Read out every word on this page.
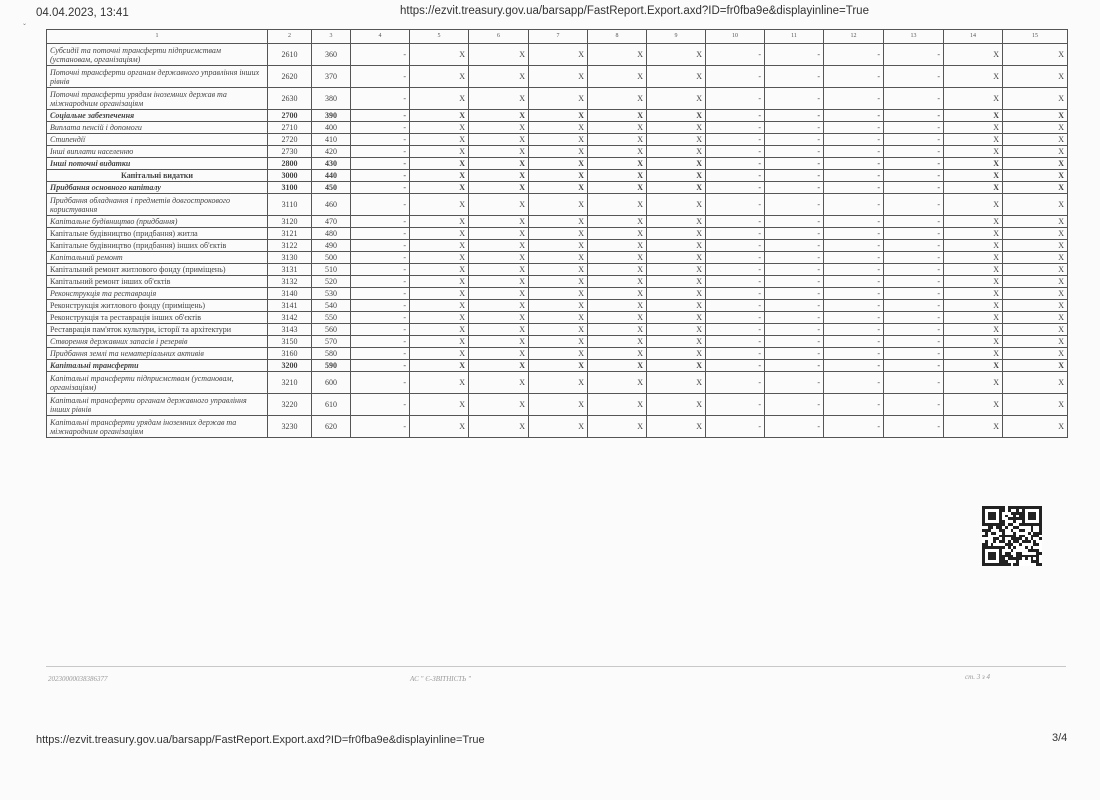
⌄
04.04.2023, 13:41	https://ezvit.treasury.gov.ua/barsapp/FastReport.Export.axd?ID=fr0fba9e&displayinline=True
1	2	3	4	5	6	7	8	9	10	11	12	13	14	15
Субсидії та поточні трансферти підприємствам (установам, організаціям)	2610	360	-	X	X	X	X	X	-	-	-	-	X	X
Поточні трансферти органам державного управління інших рівнів	2620	370	-	X	X	X	X	X	-	-	-	-	X	X
Поточні трансферти урядам іноземних держав та міжнародним організаціям	2630	380	-	X	X	X	X	X	-	-	-	-	X	X
Соціальне забезпечення	2700	390	-	X	X	X	X	X	-	-	-	-	X	X
Виплата пенсій і допомоги	2710	400	-	X	X	X	X	X	-	-	-	-	X	X
Стипендії	2720	410	-	X	X	X	X	X	-	-	-	-	X	X
Інші виплати населенню	2730	420	-	X	X	X	X	X	-	-	-	-	X	X
Інші поточні видатки	2800	430	-	X	X	X	X	X	-	-	-	-	X	X
Капітальні видатки	3000	440	-	X	X	X	X	X	-	-	-	-	X	X
Придбання основного капіталу	3100	450	-	X	X	X	X	X	-	-	-	-	X	X
Придбання обладнання і предметів довгострокового користування	3110	460	-	X	X	X	X	X	-	-	-	-	X	X
Капітальне будівництво (придбання)	3120	470	-	X	X	X	X	X	-	-	-	-	X	X
Капітальне будівництво (придбання) житла	3121	480	-	X	X	X	X	X	-	-	-	-	X	X
Капітальне будівництво (придбання) інших об'єктів	3122	490	-	X	X	X	X	X	-	-	-	-	X	X
Капітальний ремонт	3130	500	-	X	X	X	X	X	-	-	-	-	X	X
Капітальний ремонт житлового фонду (приміщень)	3131	510	-	X	X	X	X	X	-	-	-	-	X	X
Капітальний ремонт інших об'єктів	3132	520	-	X	X	X	X	X	-	-	-	-	X	X
Реконструкція та реставрація	3140	530	-	X	X	X	X	X	-	-	-	-	X	X
Реконструкція житлового фонду (приміщень)	3141	540	-	X	X	X	X	X	-	-	-	-	X	X
Реконструкція та реставрація інших об'єктів	3142	550	-	X	X	X	X	X	-	-	-	-	X	X
Реставрація пам'яток культури, історії та архітектури	3143	560	-	X	X	X	X	X	-	-	-	-	X	X
Створення державних запасів і резервів	3150	570	-	X	X	X	X	X	-	-	-	-	X	X
Придбання землі та нематеріальних активів	3160	580	-	X	X	X	X	X	-	-	-	-	X	X
Капітальні трансферти	3200	590	-	X	X	X	X	X	-	-	-	-	X	X
Капітальні трансферти підприємствам (установам, організаціям)	3210	600	-	X	X	X	X	X	-	-	-	-	X	X
Капітальні трансферти органам державного управління інших рівнів	3220	610	-	X	X	X	X	X	-	-	-	-	X	X
Капітальні трансферти урядам іноземних держав та міжнародним організаціям	3230	620	-	X	X	X	X	X	-	-	-	-	X	X
20230000038386377	АС " Є-ЗВІТНІСТЬ "	ст. 3 з 4
https://ezvit.treasury.gov.ua/barsapp/FastReport.Export.axd?ID=fr0fba9e&displayinline=True	3/4
